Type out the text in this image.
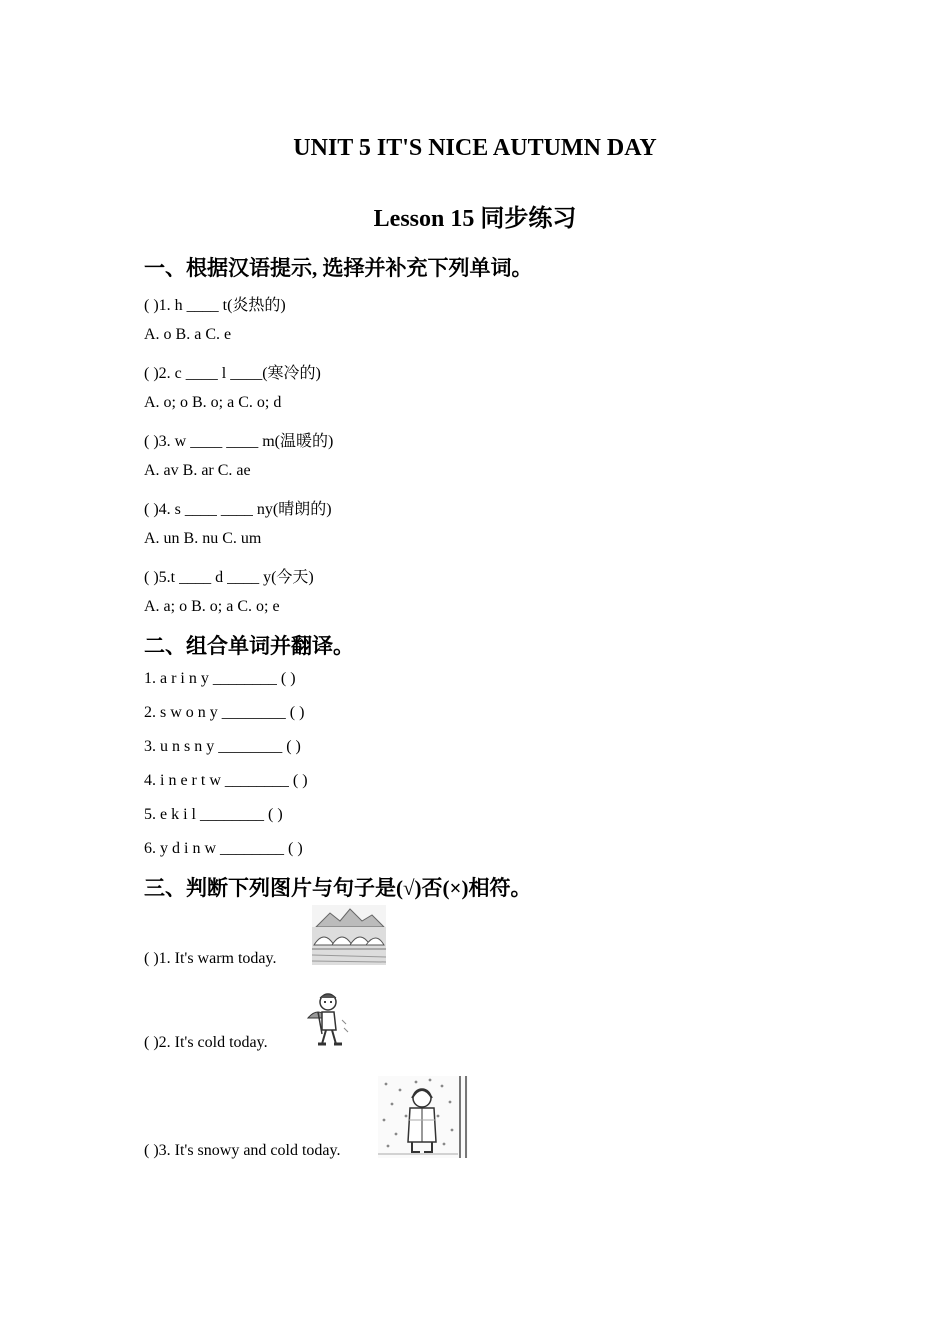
UNIT 5 IT'S NICE AUTUMN DAY
Lesson 15 同步练习
一、根据汉语提示, 选择并补充下列单词。
( )1. h ____ t(炎热的)
A. o B. a C. e
( )2. c ____ l ____(寒冷的)
A. o; o B. o; a C. o; d
( )3. w ____ ____ m(温暖的)
A. av B. ar C. ae
( )4. s ____ ____ ny(晴朗的)
A. un B. nu C. um
( )5.t ____ d ____ y(今天)
A. a; o B. o; a C. o; e
二、组合单词并翻译。
1. a r i n y ________ ( )
2. s w o n y ________ ( )
3. u n s n y ________ ( )
4. i n e r t w ________ ( )
5. e k i l ________ ( )
6. y d i n w ________ ( )
三、判断下列图片与句子是(√)否(×)相符。
( )1. It's warm today.
( )2. It's cold today.
( )3. It's snowy and cold today.
